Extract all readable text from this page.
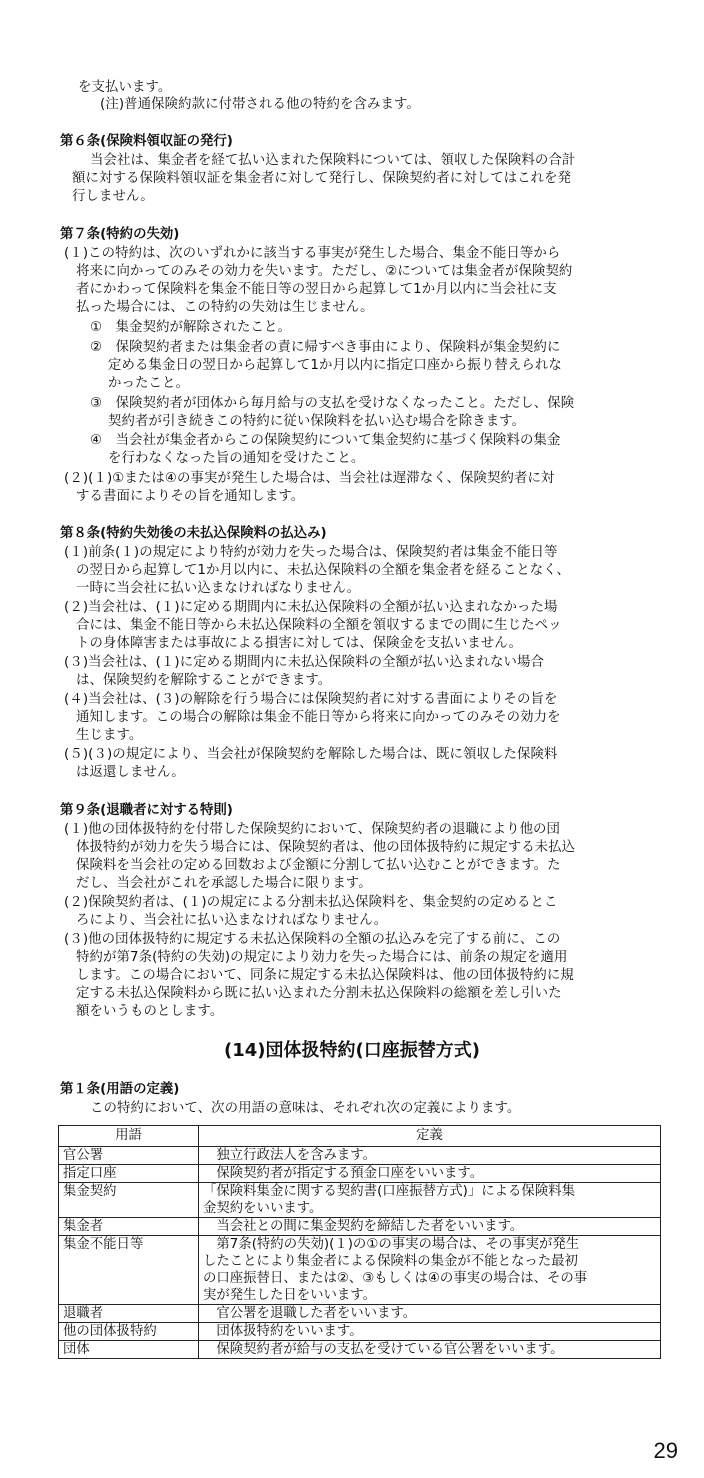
を支払います。
(注)普通保険約款に付帯される他の特約を含みます。
第６条(保険料領収証の発行)
当会社は、集金者を経て払い込まれた保険料については、領収した保険料の合計
額に対する保険料領収証を集金者に対して発行し、保険契約者に対してはこれを発
行しません。
第７条(特約の失効)
(１)この特約は、次のいずれかに該当する事実が発生した場合、集金不能日等から
将来に向かってのみその効力を失います。ただし、②については集金者が保険契約
者にかわって保険料を集金不能日等の翌日から起算して1か月以内に当会社に支
払った場合には、この特約の失効は生じません。
①　集金契約が解除されたこと。
②　保険契約者または集金者の責に帰すべき事由により、保険料が集金契約に
定める集金日の翌日から起算して1か月以内に指定口座から振り替えられな
かったこと。
③　保険契約者が団体から毎月給与の支払を受けなくなったこと。ただし、保険
契約者が引き続きこの特約に従い保険料を払い込む場合を除きます。
④　当会社が集金者からこの保険契約について集金契約に基づく保険料の集金
を行わなくなった旨の通知を受けたこと。
(２)(１)①または④の事実が発生した場合は、当会社は遅滞なく、保険契約者に対
する書面によりその旨を通知します。
第８条(特約失効後の未払込保険料の払込み)
(１)前条(１)の規定により特約が効力を失った場合は、保険契約者は集金不能日等
の翌日から起算して1か月以内に、未払込保険料の全額を集金者を経ることなく、
一時に当会社に払い込まなければなりません。
(２)当会社は、(１)に定める期間内に未払込保険料の全額が払い込まれなかった場
合には、集金不能日等から未払込保険料の全額を領収するまでの間に生じたペッ
トの身体障害または事故による損害に対しては、保険金を支払いません。
(３)当会社は、(１)に定める期間内に未払込保険料の全額が払い込まれない場合
は、保険契約を解除することができます。
(４)当会社は、(３)の解除を行う場合には保険契約者に対する書面によりその旨を
通知します。この場合の解除は集金不能日等から将来に向かってのみその効力を
生じます。
(５)(３)の規定により、当会社が保険契約を解除した場合は、既に領収した保険料
は返還しません。
第９条(退職者に対する特則)
(１)他の団体扱特約を付帯した保険契約において、保険契約者の退職により他の団
体扱特約が効力を失う場合には、保険契約者は、他の団体扱特約に規定する未払込
保険料を当会社の定める回数および金額に分割して払い込むことができます。た
だし、当会社がこれを承認した場合に限ります。
(２)保険契約者は、(１)の規定による分割未払込保険料を、集金契約の定めるとこ
ろにより、当会社に払い込まなければなりません。
(３)他の団体扱特約に規定する未払込保険料の全額の払込みを完了する前に、この
特約が第7条(特約の失効)の規定により効力を失った場合には、前条の規定を適用
します。この場合において、同条に規定する未払込保険料は、他の団体扱特約に規
定する未払込保険料から既に払い込まれた分割未払込保険料の総額を差し引いた
額をいうものとします。
(14)団体扱特約(口座振替方式)
第１条(用語の定義)
この特約において、次の用語の意味は、それぞれ次の定義によります。
用語	定義
官公署	　独立行政法人を含みます。

指定口座	　保険契約者が指定する預金口座をいいます。

集金契約	「保険料集金に関する契約書(口座振替方式)」による保険料集
金契約をいいます。

集金者	　当会社との間に集金契約を締結した者をいいます。

集金不能日等	　第7条(特約の失効)(１)の①の事実の場合は、その事実が発生
したことにより集金者による保険料の集金が不能となった最初
の口座振替日、または②、③もしくは④の事実の場合は、その事
実が発生した日をいいます。

退職者	　官公署を退職した者をいいます。

他の団体扱特約	　団体扱特約をいいます。

団体	　保険契約者が給与の支払を受けている官公署をいいます。
29
